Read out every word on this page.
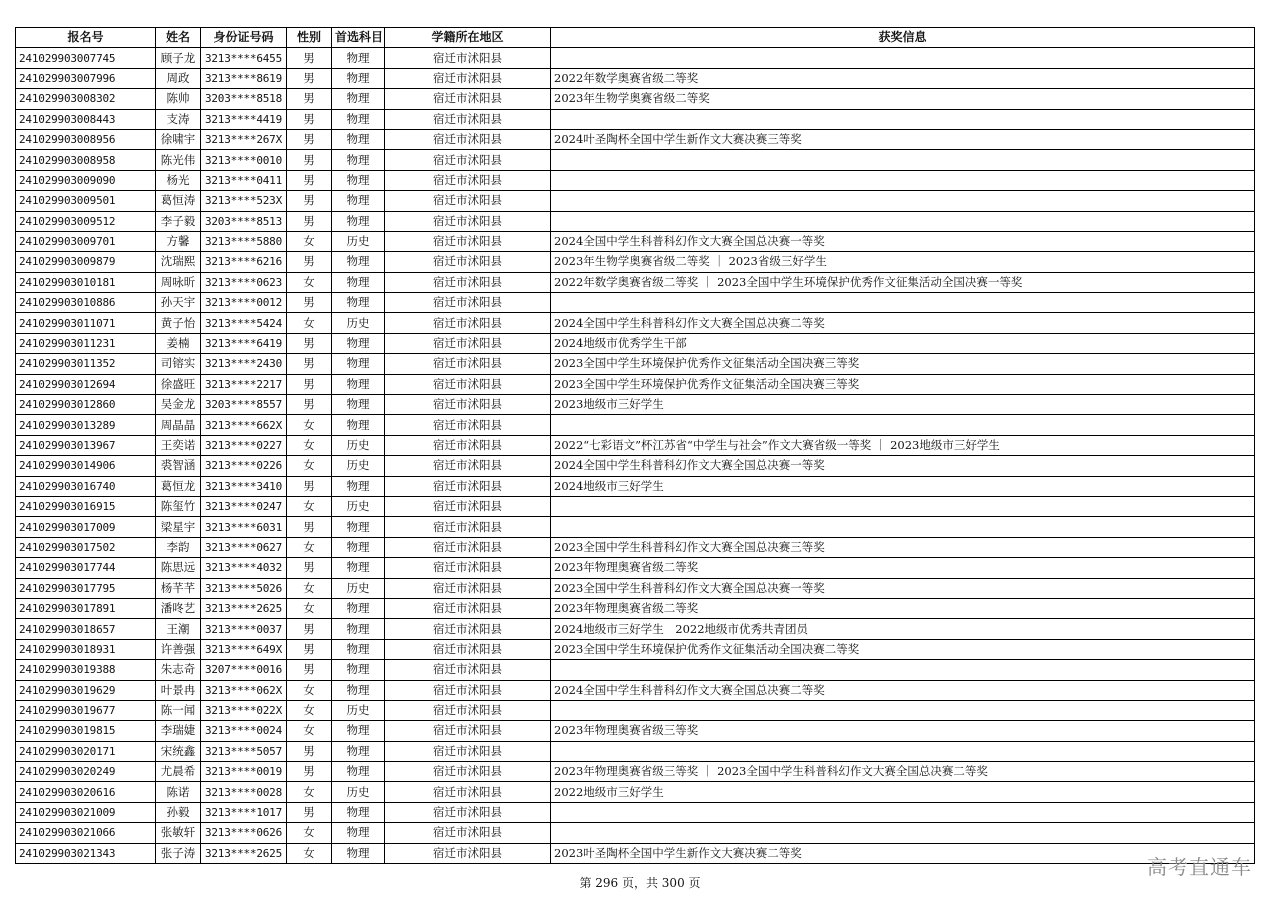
报名号	姓名	身份证号码	性别	首选科目	学籍所在地区	获奖信息
241029903007745	顾子龙	3213****6455	男	物理	宿迁市沭阳县	
241029903007996	周政	3213****8619	男	物理	宿迁市沭阳县	2022年数学奥赛省级二等奖
241029903008302	陈帅	3203****8518	男	物理	宿迁市沭阳县	2023年生物学奥赛省级二等奖
241029903008443	支涛	3213****4419	男	物理	宿迁市沭阳县	
241029903008956	徐啸宇	3213****267X	男	物理	宿迁市沭阳县	2024叶圣陶杯全国中学生新作文大赛决赛三等奖
241029903008958	陈光伟	3213****0010	男	物理	宿迁市沭阳县	
241029903009090	杨光	3213****0411	男	物理	宿迁市沭阳县	
241029903009501	葛恒涛	3213****523X	男	物理	宿迁市沭阳县	
241029903009512	李子毅	3203****8513	男	物理	宿迁市沭阳县	
241029903009701	方馨	3213****5880	女	历史	宿迁市沭阳县	2024全国中学生科普科幻作文大赛全国总决赛一等奖
241029903009879	沈瑞熙	3213****6216	男	物理	宿迁市沭阳县	2023年生物学奥赛省级二等奖 ｜ 2023省级三好学生
241029903010181	周咏昕	3213****0623	女	物理	宿迁市沭阳县	2022年数学奥赛省级二等奖 ｜ 2023全国中学生环境保护优秀作文征集活动全国决赛一等奖
241029903010886	孙天宇	3213****0012	男	物理	宿迁市沭阳县	
241029903011071	黄子怡	3213****5424	女	历史	宿迁市沭阳县	2024全国中学生科普科幻作文大赛全国总决赛二等奖
241029903011231	姜楠	3213****6419	男	物理	宿迁市沭阳县	2024地级市优秀学生干部
241029903011352	司镕实	3213****2430	男	物理	宿迁市沭阳县	2023全国中学生环境保护优秀作文征集活动全国决赛三等奖
241029903012694	徐盛旺	3213****2217	男	物理	宿迁市沭阳县	2023全国中学生环境保护优秀作文征集活动全国决赛三等奖
241029903012860	吴金龙	3203****8557	男	物理	宿迁市沭阳县	2023地级市三好学生
241029903013289	周晶晶	3213****662X	女	物理	宿迁市沭阳县	
241029903013967	王奕诺	3213****0227	女	历史	宿迁市沭阳县	2022“七彩语文”杯江苏省“中学生与社会”作文大赛省级一等奖 ｜ 2023地级市三好学生
241029903014906	裘智涵	3213****0226	女	历史	宿迁市沭阳县	2024全国中学生科普科幻作文大赛全国总决赛一等奖
241029903016740	葛恒龙	3213****3410	男	物理	宿迁市沭阳县	2024地级市三好学生
241029903016915	陈玺竹	3213****0247	女	历史	宿迁市沭阳县	
241029903017009	梁星宇	3213****6031	男	物理	宿迁市沭阳县	
241029903017502	李韵	3213****0627	女	物理	宿迁市沭阳县	2023全国中学生科普科幻作文大赛全国总决赛三等奖
241029903017744	陈思远	3213****4032	男	物理	宿迁市沭阳县	2023年物理奥赛省级二等奖
241029903017795	杨芊芊	3213****5026	女	历史	宿迁市沭阳县	2023全国中学生科普科幻作文大赛全国总决赛一等奖
241029903017891	潘咚艺	3213****2625	女	物理	宿迁市沭阳县	2023年物理奥赛省级二等奖
241029903018657	王潮	3213****0037	男	物理	宿迁市沭阳县	2024地级市三好学生　2022地级市优秀共青团员
241029903018931	许善强	3213****649X	男	物理	宿迁市沭阳县	2023全国中学生环境保护优秀作文征集活动全国决赛二等奖
241029903019388	朱志奇	3207****0016	男	物理	宿迁市沭阳县	
241029903019629	叶景冉	3213****062X	女	物理	宿迁市沭阳县	2024全国中学生科普科幻作文大赛全国总决赛二等奖
241029903019677	陈一闻	3213****022X	女	历史	宿迁市沭阳县	
241029903019815	李瑞婕	3213****0024	女	物理	宿迁市沭阳县	2023年物理奥赛省级三等奖
241029903020171	宋统鑫	3213****5057	男	物理	宿迁市沭阳县	
241029903020249	尤晨希	3213****0019	男	物理	宿迁市沭阳县	2023年物理奥赛省级三等奖 ｜ 2023全国中学生科普科幻作文大赛全国总决赛二等奖
241029903020616	陈诺	3213****0028	女	历史	宿迁市沭阳县	2022地级市三好学生
241029903021009	孙毅	3213****1017	男	物理	宿迁市沭阳县	
241029903021066	张敏轩	3213****0626	女	物理	宿迁市沭阳县	
241029903021343	张子涛	3213****2625	女	物理	宿迁市沭阳县	2023叶圣陶杯全国中学生新作文大赛决赛二等奖
第 296 页，共 300 页
高考直通车
